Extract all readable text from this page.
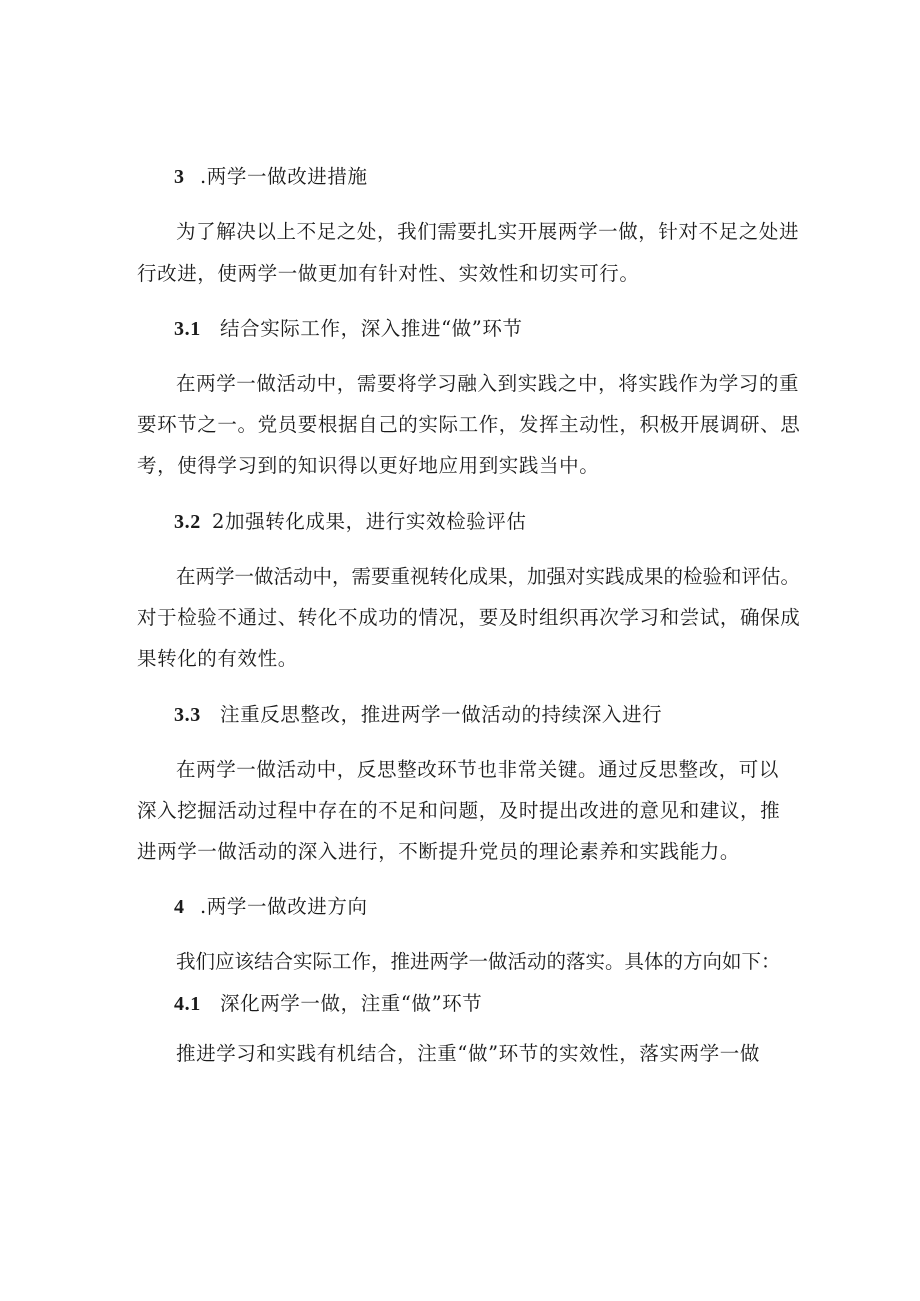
3 .两学一做改进措施
为了解决以上不足之处，我们需要扎实开展两学一做，针对不足之处进
行改进，使两学一做更加有针对性、实效性和切实可行。
3.1 结合实际工作，深入推进“做”环节
在两学一做活动中，需要将学习融入到实践之中，将实践作为学习的重
要环节之一。党员要根据自己的实际工作，发挥主动性，积极开展调研、思
考，使得学习到的知识得以更好地应用到实践当中。
3.2 2加强转化成果，进行实效检验评估
在两学一做活动中，需要重视转化成果，加强对实践成果的检验和评估。
对于检验不通过、转化不成功的情况，要及时组织再次学习和尝试，确保成
果转化的有效性。
3.3 注重反思整改，推进两学一做活动的持续深入进行
在两学一做活动中，反思整改环节也非常关键。通过反思整改，可以
深入挖掘活动过程中存在的不足和问题，及时提出改进的意见和建议，推
进两学一做活动的深入进行，不断提升党员的理论素养和实践能力。
4 .两学一做改进方向
我们应该结合实际工作，推进两学一做活动的落实。具体的方向如下：
4.1 深化两学一做，注重“做”环节
推进学习和实践有机结合，注重“做”环节的实效性，落实两学一做
